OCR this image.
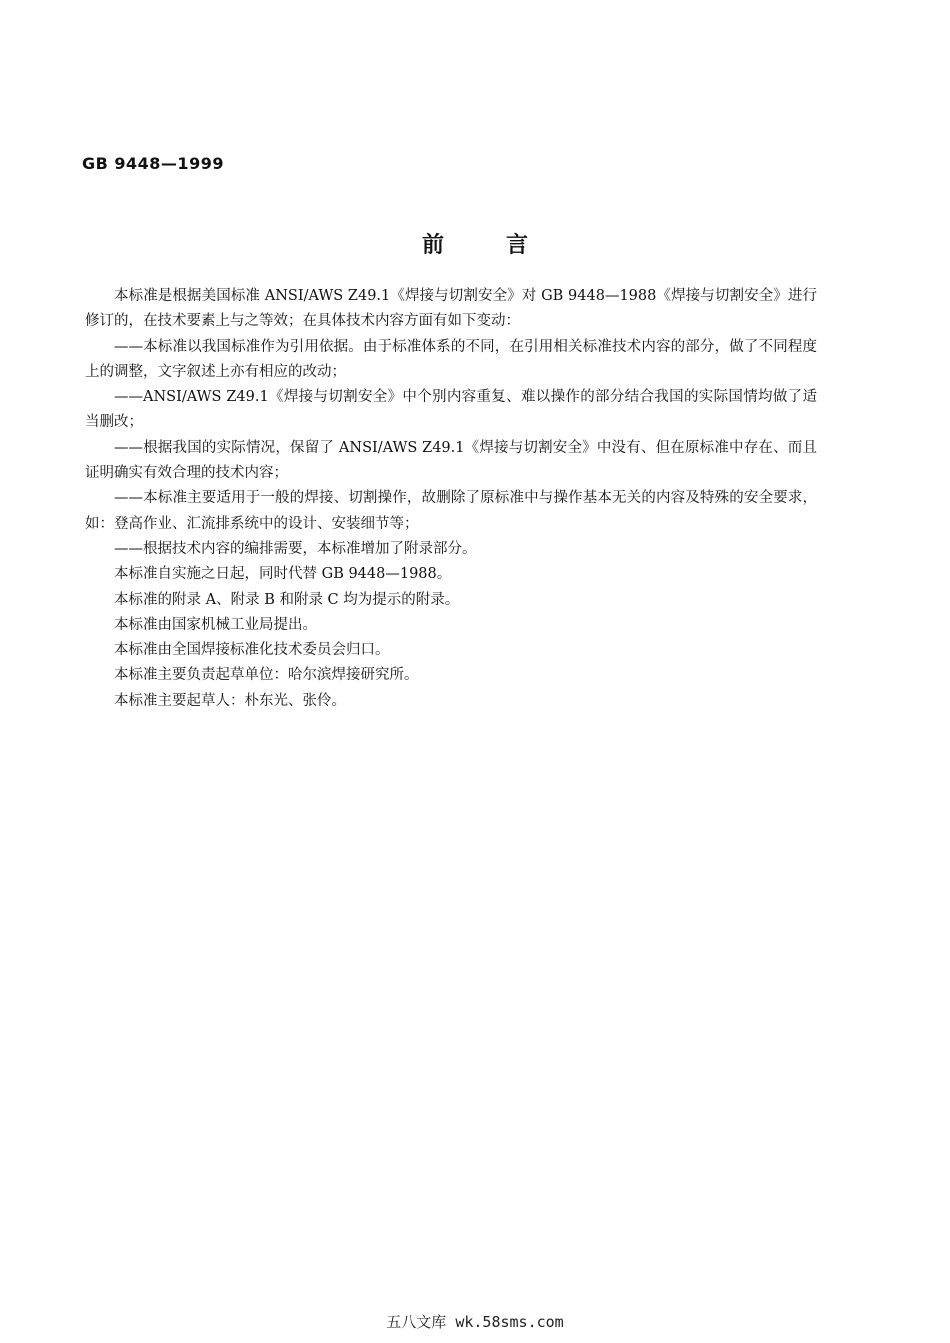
GB 9448—1999
前	言

本标准是根据美国标准 ANSI/AWS Z49.1《焊接与切割安全》对 GB 9448—1988《焊接与切割安全》进行修订的，在技术要素上与之等效；在具体技术内容方面有如下变动：

——本标准以我国标准作为引用依据。由于标准体系的不同，在引用相关标准技术内容的部分，做了不同程度上的调整，文字叙述上亦有相应的改动；

——ANSI/AWS Z49.1《焊接与切割安全》中个别内容重复、难以操作的部分结合我国的实际国情均做了适当删改；

——根据我国的实际情况，保留了 ANSI/AWS Z49.1《焊接与切割安全》中没有、但在原标准中存在、而且证明确实有效合理的技术内容；

——本标准主要适用于一般的焊接、切割操作，故删除了原标准中与操作基本无关的内容及特殊的安全要求，如：登高作业、汇流排系统中的设计、安装细节等；

——根据技术内容的编排需要，本标准增加了附录部分。

本标准自实施之日起，同时代替 GB 9448—1988。

本标准的附录 A、附录 B 和附录 C 均为提示的附录。

本标准由国家机械工业局提出。

本标准由全国焊接标准化技术委员会归口。

本标准主要负责起草单位：哈尔滨焊接研究所。

本标准主要起草人：朴东光、张伶。

五八文库 wk.58sms.com
